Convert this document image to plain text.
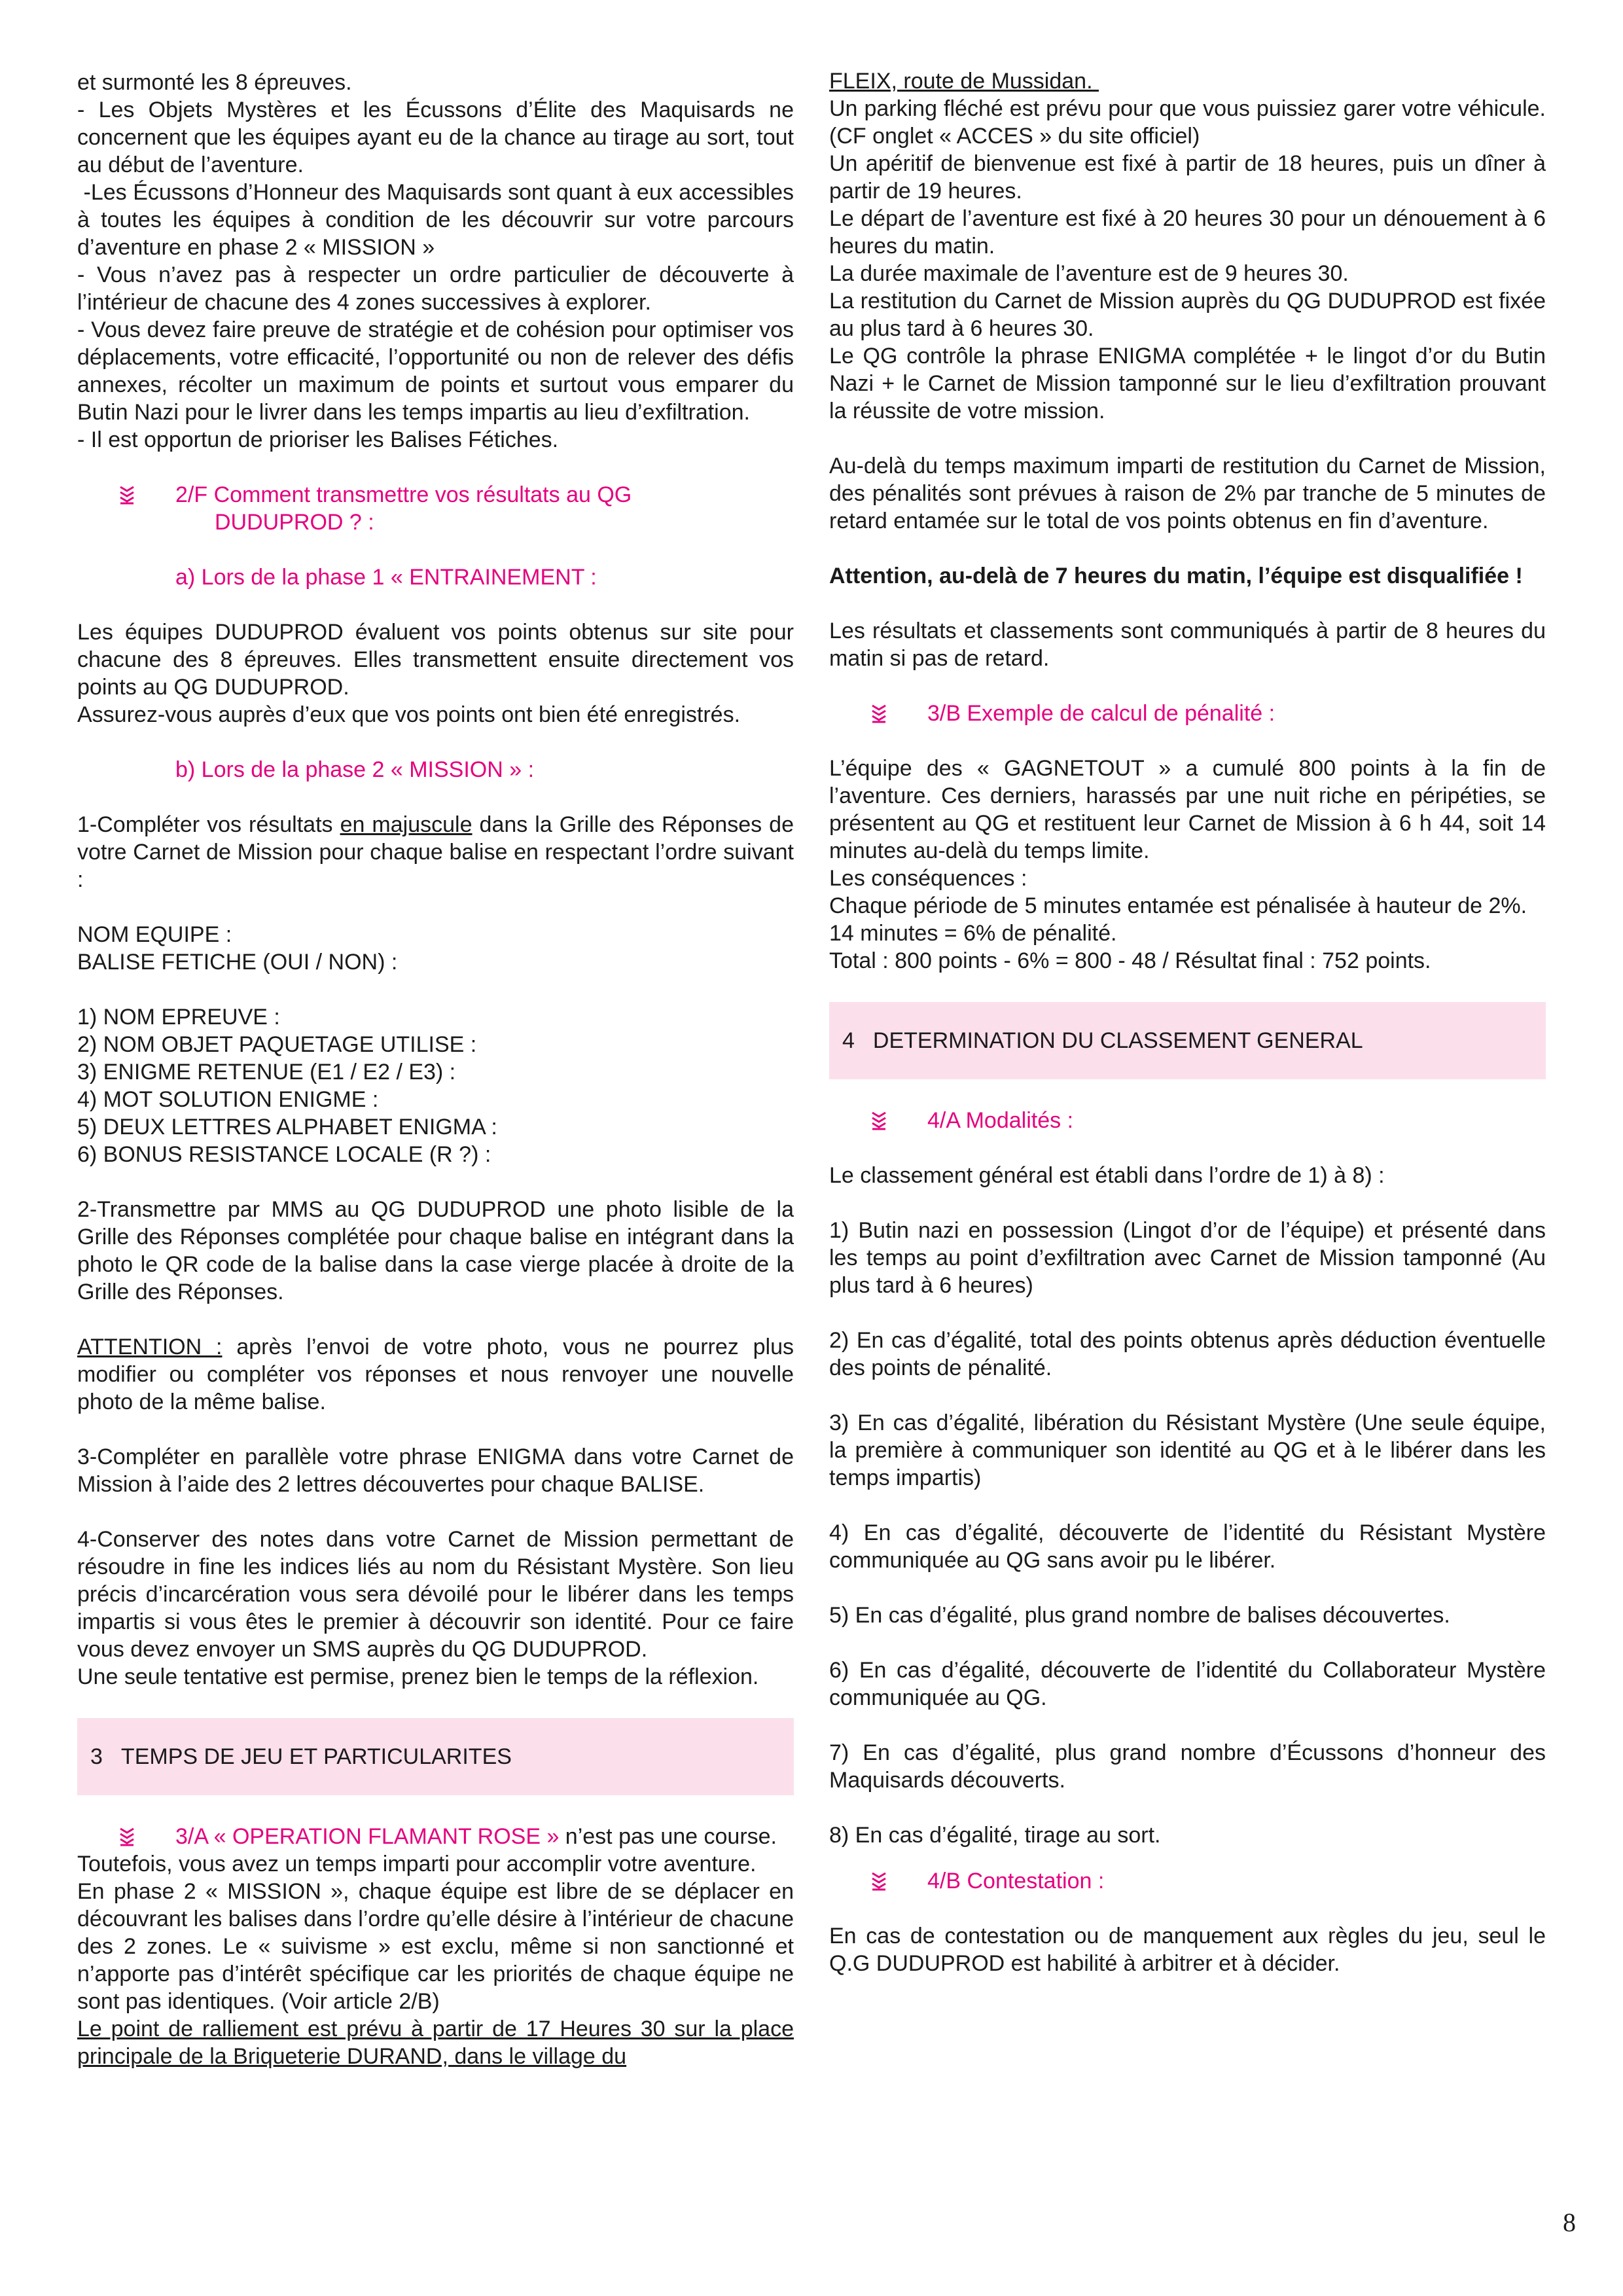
et surmonté les 8 épreuves.

- Les Objets Mystères et les Écussons d’Élite des Maquisards ne concernent que les équipes ayant eu de la chance au tirage au sort, tout au début de l’aventure.

-Les Écussons d’Honneur des Maquisards sont quant à eux accessibles à toutes les équipes à condition de les découvrir sur votre parcours d’aventure en phase 2 « MISSION »

- Vous n’avez pas à respecter un ordre particulier de découverte à l’intérieur de chacune des 4 zones successives à explorer.

- Vous devez faire preuve de stratégie et de cohésion pour optimiser vos déplacements, votre efficacité, l’opportunité ou non de relever des défis annexes, récolter un maximum de points et surtout vous emparer du Butin Nazi pour le livrer dans les temps impartis au lieu d’exfiltration.

- Il est opportun de prioriser les Balises Fétiches.

2/F Comment transmettre vos résultats au QG
DUDUPROD ? :
a) Lors de la phase 1 « ENTRAINEMENT :

Les équipes DUDUPROD évaluent vos points obtenus sur site pour chacune des 8 épreuves. Elles transmettent ensuite directement vos points au QG DUDUPROD.

Assurez-vous auprès d’eux que vos points ont bien été enregistrés.

b) Lors de la phase 2 « MISSION » :

1-Compléter vos résultats en majuscule dans la Grille des Réponses de votre Carnet de Mission pour chaque balise en respectant l’ordre suivant :

NOM EQUIPE :

BALISE FETICHE (OUI / NON) :

1) NOM EPREUVE :

2) NOM OBJET PAQUETAGE UTILISE :

3) ENIGME RETENUE (E1 / E2 / E3) :

4) MOT SOLUTION ENIGME :

5) DEUX LETTRES ALPHABET ENIGMA :

6) BONUS RESISTANCE LOCALE (R ?) :

2-Transmettre par MMS au QG DUDUPROD une photo lisible de la Grille des Réponses complétée pour chaque balise en intégrant dans la photo le QR code de la balise dans la case vierge placée à droite de la Grille des Réponses.

ATTENTION : après l’envoi de votre photo, vous ne pourrez plus modifier ou compléter vos réponses et nous renvoyer une nouvelle photo de la même balise.

3-Compléter en parallèle votre phrase ENIGMA dans votre Carnet de Mission à l’aide des 2 lettres découvertes pour chaque BALISE.

4-Conserver des notes dans votre Carnet de Mission permettant de résoudre in fine les indices liés au nom du Résistant Mystère. Son lieu précis d’incarcération vous sera dévoilé pour le libérer dans les temps impartis si vous êtes le premier à découvrir son identité. Pour ce faire vous devez envoyer un SMS auprès du QG DUDUPROD.

Une seule tentative est permise, prenez bien le temps de la réflexion.

3 TEMPS DE JEU ET PARTICULARITES
3/A « OPERATION FLAMANT ROSE » n’est pas une course.

Toutefois, vous avez un temps imparti pour accomplir votre aventure.

En phase 2 « MISSION », chaque équipe est libre de se déplacer en découvrant les balises dans l’ordre qu’elle désire à l’intérieur de chacune des 2 zones. Le « suivisme » est exclu, même si non sanctionné et n’apporte pas d’intérêt spécifique car les priorités de chaque équipe ne sont pas identiques. (Voir article 2/B)

Le point de ralliement est prévu à partir de 17 Heures 30 sur la place principale de la Briqueterie DURAND, dans le village du

FLEIX, route de Mussidan.

Un parking fléché est prévu pour que vous puissiez garer votre véhicule. (CF onglet « ACCES » du site officiel)

Un apéritif de bienvenue est fixé à partir de 18 heures, puis un dîner à partir de 19 heures.

Le départ de l’aventure est fixé à 20 heures 30 pour un dénouement à 6 heures du matin.

La durée maximale de l’aventure est de 9 heures 30.

La restitution du Carnet de Mission auprès du QG DUDUPROD est fixée au plus tard à 6 heures 30.

Le QG contrôle la phrase ENIGMA complétée + le lingot d’or du Butin Nazi + le Carnet de Mission tamponné sur le lieu d’exfiltration prouvant la réussite de votre mission.

Au-delà du temps maximum imparti de restitution du Carnet de Mission, des pénalités sont prévues à raison de 2% par tranche de 5 minutes de retard entamée sur le total de vos points obtenus en fin d’aventure.

Attention, au-delà de 7 heures du matin, l’équipe est disqualifiée !

Les résultats et classements sont communiqués à partir de 8 heures du matin si pas de retard.

3/B Exemple de calcul de pénalité :

L’équipe des « GAGNETOUT » a cumulé 800 points à la fin de l’aventure. Ces derniers, harassés par une nuit riche en péripéties, se présentent au QG et restituent leur Carnet de Mission à 6 h 44, soit 14 minutes au-delà du temps limite.

Les conséquences :

Chaque période de 5 minutes entamée est pénalisée à hauteur de 2%.

14 minutes = 6% de pénalité.

Total : 800 points - 6% = 800 - 48 / Résultat final : 752 points.

4 DETERMINATION DU CLASSEMENT GENERAL
4/A Modalités :

Le classement général est établi dans l’ordre de 1) à 8) :

1) Butin nazi en possession (Lingot d’or de l’équipe) et présenté dans les temps au point d’exfiltration avec Carnet de Mission tamponné (Au plus tard à 6 heures)

2) En cas d’égalité, total des points obtenus après déduction éventuelle des points de pénalité.

3) En cas d’égalité, libération du Résistant Mystère (Une seule équipe, la première à communiquer son identité au QG et à le libérer dans les temps impartis)

4) En cas d’égalité, découverte de l’identité du Résistant Mystère communiquée au QG sans avoir pu le libérer.

5) En cas d’égalité, plus grand nombre de balises découvertes.

6) En cas d’égalité, découverte de l’identité du Collaborateur Mystère communiquée au QG.

7) En cas d’égalité, plus grand nombre d’Écussons d’honneur des Maquisards découverts.

8) En cas d’égalité, tirage au sort.

4/B Contestation :

En cas de contestation ou de manquement aux règles du jeu, seul le Q.G DUDUPROD est habilité à arbitrer et à décider.

8
